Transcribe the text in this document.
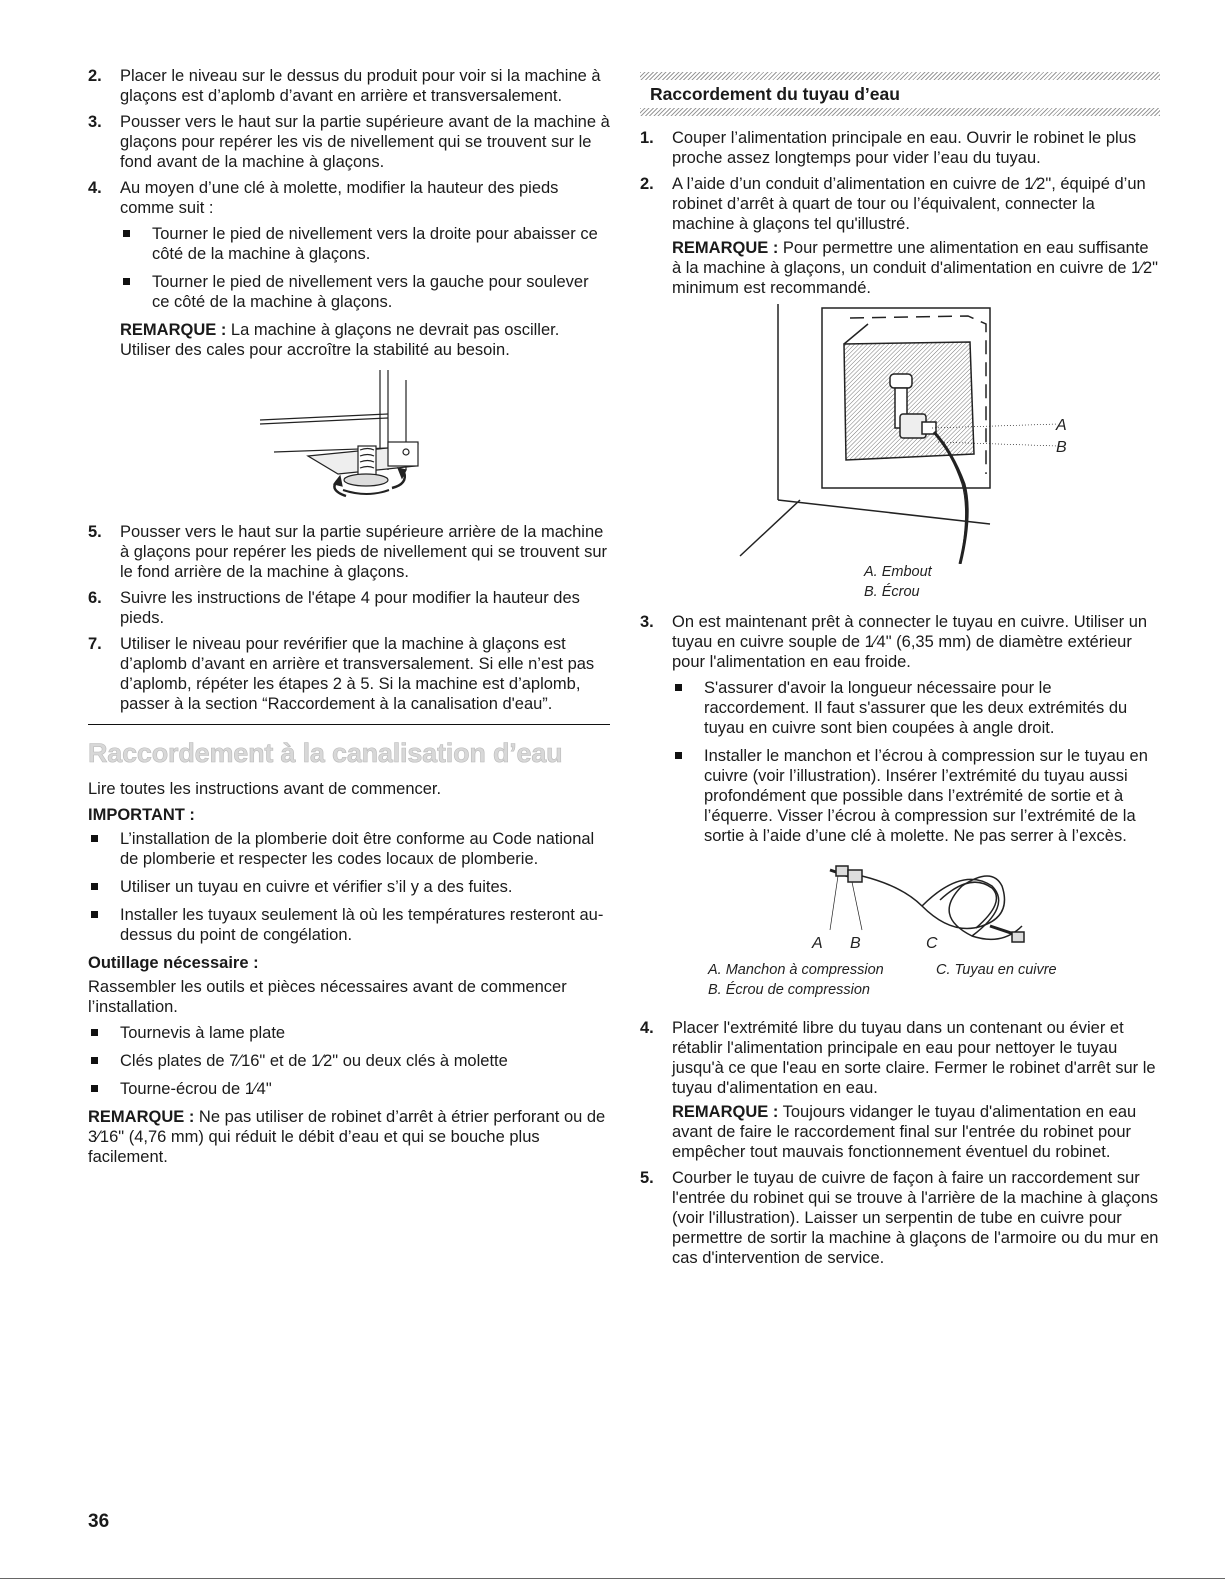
2. Placer le niveau sur le dessus du produit pour voir si la machine à glaçons est d’aplomb d’avant en arrière et transversalement.
3. Pousser vers le haut sur la partie supérieure avant de la machine à glaçons pour repérer les vis de nivellement qui se trouvent sur le fond avant de la machine à glaçons.
4. Au moyen d’une clé à molette, modifier la hauteur des pieds comme suit :
Tourner le pied de nivellement vers la droite pour abaisser ce côté de la machine à glaçons.
Tourner le pied de nivellement vers la gauche pour soulever ce côté de la machine à glaçons.
REMARQUE : La machine à glaçons ne devrait pas osciller. Utiliser des cales pour accroître la stabilité au besoin.
5. Pousser vers le haut sur la partie supérieure arrière de la machine à glaçons pour repérer les pieds de nivellement qui se trouvent sur le fond arrière de la machine à glaçons.
6. Suivre les instructions de l'étape 4 pour modifier la hauteur des pieds.
7. Utiliser le niveau pour revérifier que la machine à glaçons est d’aplomb d’avant en arrière et transversalement. Si elle n’est pas d’aplomb, répéter les étapes 2 à 5. Si la machine est d’aplomb, passer à la section “Raccordement à la canalisation d'eau”.
Raccordement à la canalisation d’eau
Lire toutes les instructions avant de commencer.
IMPORTANT :
L’installation de la plomberie doit être conforme au Code national de plomberie et respecter les codes locaux de plomberie.
Utiliser un tuyau en cuivre et vérifier s’il y a des fuites.
Installer les tuyaux seulement là où les températures resteront au-dessus du point de congélation.
Outillage nécessaire :
Rassembler les outils et pièces nécessaires avant de commencer l’installation.
Tournevis à lame plate
Clés plates de 7⁄16" et de 1⁄2" ou deux clés à molette
Tourne-écrou de 1⁄4"
REMARQUE : Ne pas utiliser de robinet d’arrêt à étrier perforant ou de 3⁄16" (4,76 mm) qui réduit le débit d’eau et qui se bouche plus facilement.
Raccordement du tuyau d’eau
1. Couper l’alimentation principale en eau. Ouvrir le robinet le plus proche assez longtemps pour vider l’eau du tuyau.
2. A l’aide d’un conduit d’alimentation en cuivre de 1⁄2", équipé d’un robinet d’arrêt à quart de tour ou l’équivalent, connecter la machine à glaçons tel qu'illustré.
REMARQUE : Pour permettre une alimentation en eau suffisante à la machine à glaçons, un conduit d'alimentation en cuivre de 1⁄2" minimum est recommandé.
A
B
A. Embout
B. Écrou
3. On est maintenant prêt à connecter le tuyau en cuivre. Utiliser un tuyau en cuivre souple de 1⁄4" (6,35 mm) de diamètre extérieur pour l'alimentation en eau froide.
S'assurer d'avoir la longueur nécessaire pour le raccordement. Il faut s'assurer que les deux extrémités du tuyau en cuivre sont bien coupées à angle droit.
Installer le manchon et l’écrou à compression sur le tuyau en cuivre (voir l’illustration). Insérer l’extrémité du tuyau aussi profondément que possible dans l’extrémité de sortie et à l’équerre. Visser l’écrou à compression sur l’extrémité de la sortie à l’aide d’une clé à molette. Ne pas serrer à l’excès.
A B	C
A. Manchon à compression	C. Tuyau en cuivre
B. Écrou de compression
4. Placer l'extrémité libre du tuyau dans un contenant ou évier et rétablir l'alimentation principale en eau pour nettoyer le tuyau jusqu'à ce que l'eau en sorte claire. Fermer le robinet d'arrêt sur le tuyau d'alimentation en eau.
REMARQUE : Toujours vidanger le tuyau d'alimentation en eau avant de faire le raccordement final sur l'entrée du robinet pour empêcher tout mauvais fonctionnement éventuel du robinet.
5. Courber le tuyau de cuivre de façon à faire un raccordement sur l'entrée du robinet qui se trouve à l'arrière de la machine à glaçons (voir l'illustration). Laisser un serpentin de tube en cuivre pour permettre de sortir la machine à glaçons de l'armoire ou du mur en cas d'intervention de service.
36
